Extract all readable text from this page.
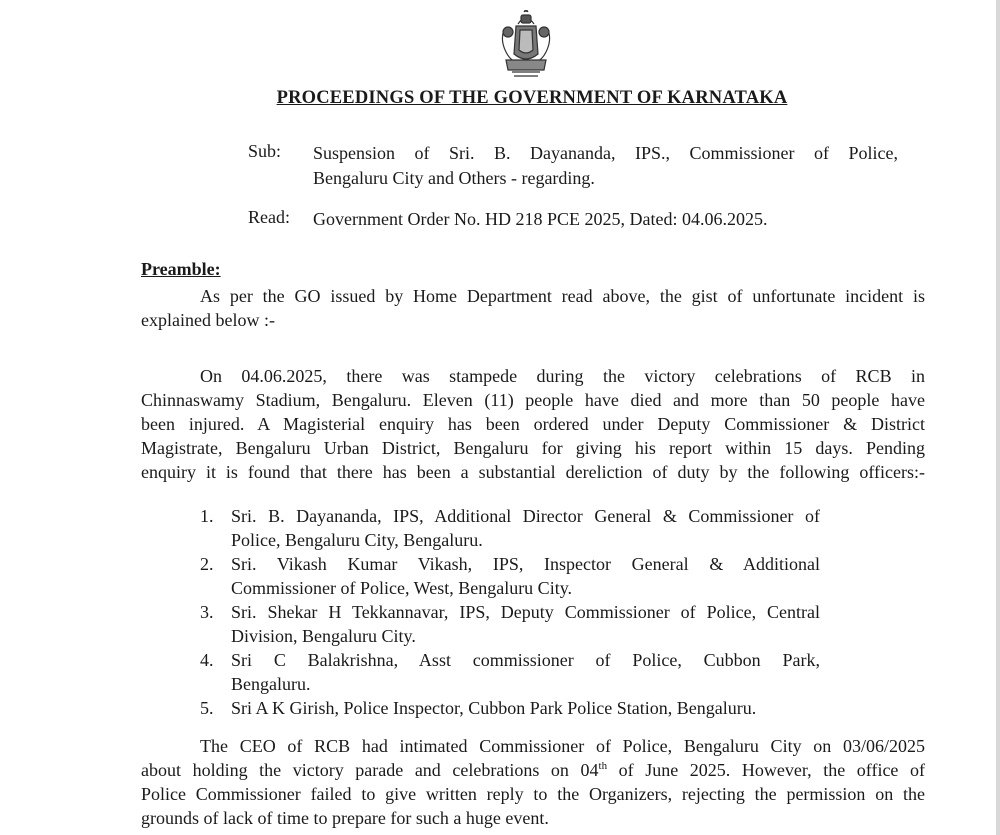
PROCEEDINGS OF THE GOVERNMENT OF KARNATAKA
Sub:	Suspension of Sri. B. Dayananda, IPS., Commissioner of Police,
Bengaluru City and Others - regarding.
Read:	Government Order No. HD 218 PCE 2025, Dated: 04.06.2025.
Preamble:
As per the GO issued by Home Department read above, the gist of unfortunate incident is
explained below :-
On 04.06.2025, there was stampede during the victory celebrations of RCB in
Chinnaswamy Stadium, Bengaluru. Eleven (11) people have died and more than 50 people have
been injured. A Magisterial enquiry has been ordered under Deputy Commissioner & District
Magistrate, Bengaluru Urban District, Bengaluru for giving his report within 15 days. Pending
enquiry it is found that there has been a substantial dereliction of duty by the following officers:-
1. Sri. B. Dayananda, IPS, Additional Director General & Commissioner of
Police, Bengaluru City, Bengaluru.
2. Sri. Vikash Kumar Vikash, IPS, Inspector General & Additional
Commissioner of Police, West, Bengaluru City.
3. Sri. Shekar H Tekkannavar, IPS, Deputy Commissioner of Police, Central
Division, Bengaluru City.
4. Sri C Balakrishna, Asst commissioner of Police, Cubbon Park,
Bengaluru.
5. Sri A K Girish, Police Inspector, Cubbon Park Police Station, Bengaluru.
The CEO of RCB had intimated Commissioner of Police, Bengaluru City on 03/06/2025
about holding the victory parade and celebrations on 04th of June 2025. However, the office of
Police Commissioner failed to give written reply to the Organizers, rejecting the permission on the
grounds of lack of time to prepare for such a huge event.
